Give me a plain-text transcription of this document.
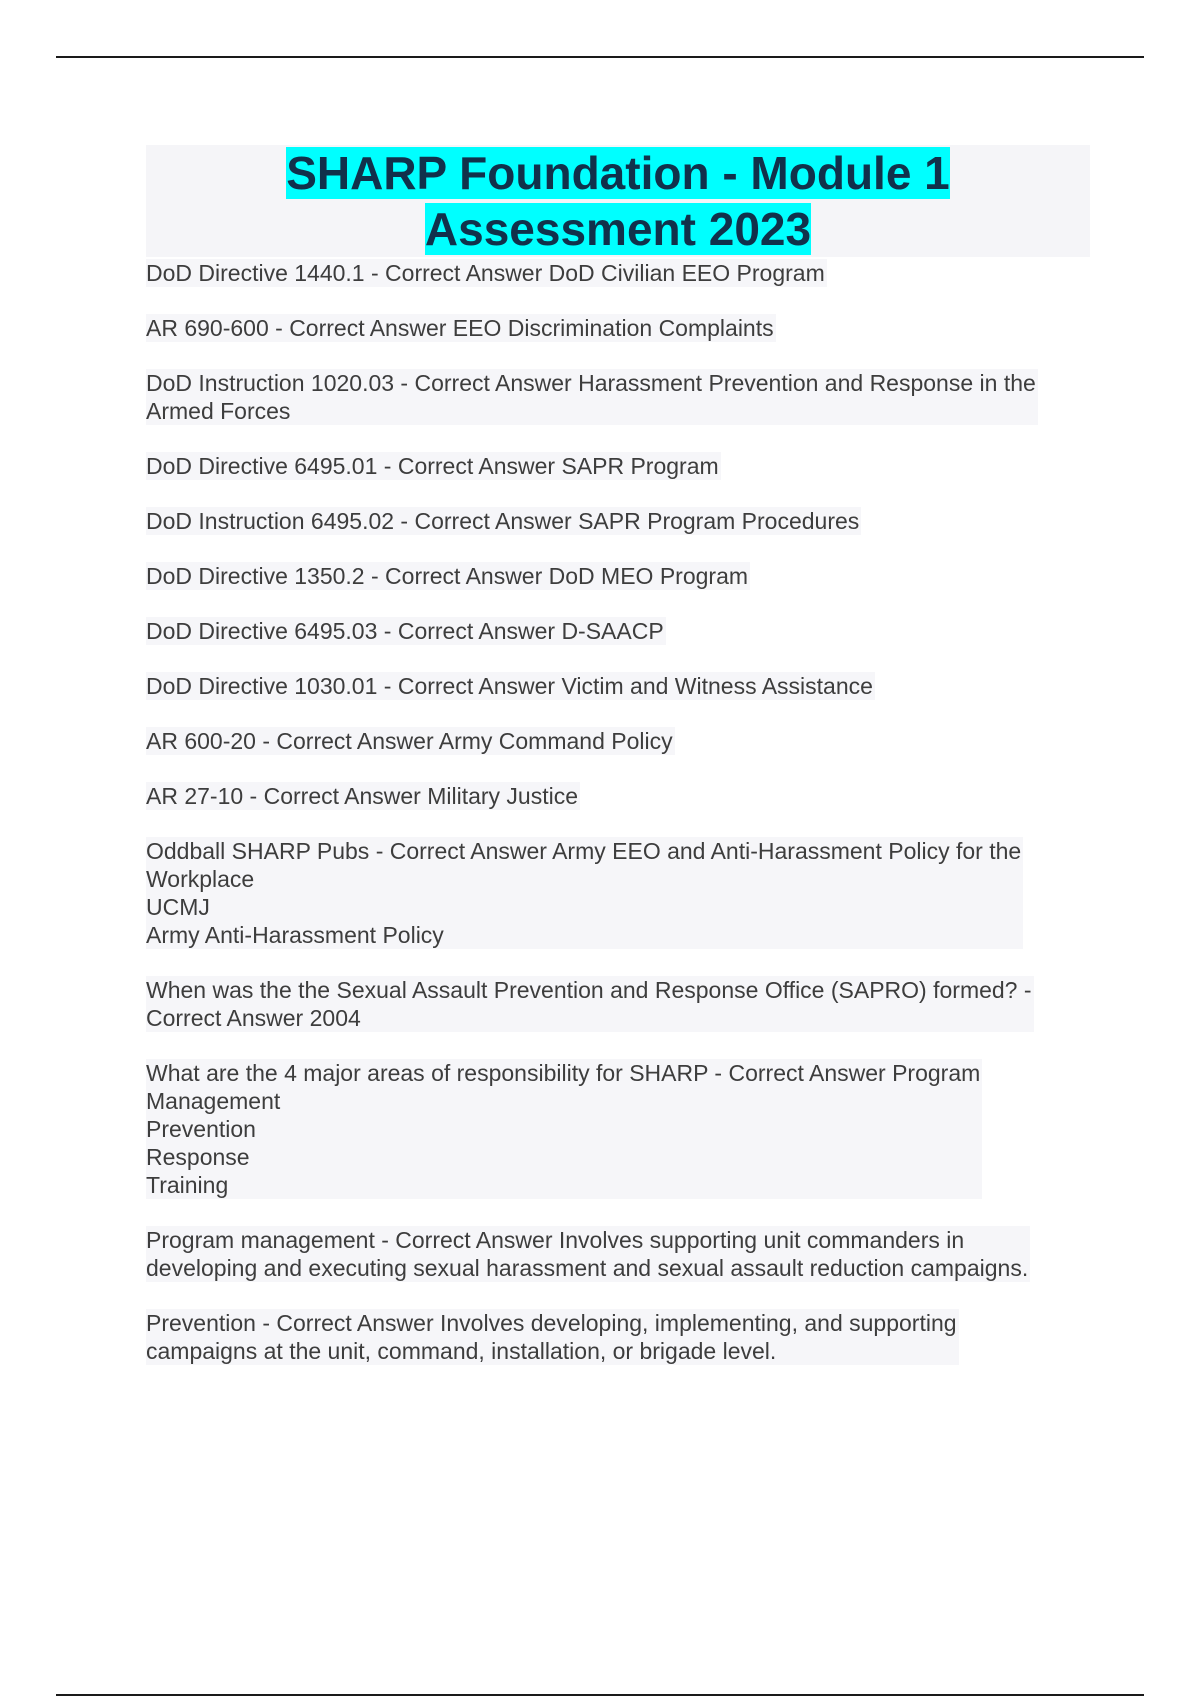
SHARP Foundation - Module 1
Assessment 2023

DoD Directive 1440.1 - Correct Answer DoD Civilian EEO Program

AR 690-600 - Correct Answer EEO Discrimination Complaints

DoD Instruction 1020.03 - Correct Answer Harassment Prevention and Response in the
Armed Forces

DoD Directive 6495.01 - Correct Answer SAPR Program

DoD Instruction 6495.02 - Correct Answer SAPR Program Procedures

DoD Directive 1350.2 - Correct Answer DoD MEO Program

DoD Directive 6495.03 - Correct Answer D-SAACP

DoD Directive 1030.01 - Correct Answer Victim and Witness Assistance

AR 600-20 - Correct Answer Army Command Policy

AR 27-10 - Correct Answer Military Justice

Oddball SHARP Pubs - Correct Answer Army EEO and Anti-Harassment Policy for the
Workplace
UCMJ
Army Anti-Harassment Policy

When was the the Sexual Assault Prevention and Response Office (SAPRO) formed? -
Correct Answer 2004

What are the 4 major areas of responsibility for SHARP - Correct Answer Program
Management
Prevention
Response
Training

Program management - Correct Answer Involves supporting unit commanders in
developing and executing sexual harassment and sexual assault reduction campaigns.

Prevention - Correct Answer Involves developing, implementing, and supporting
campaigns at the unit, command, installation, or brigade level.
